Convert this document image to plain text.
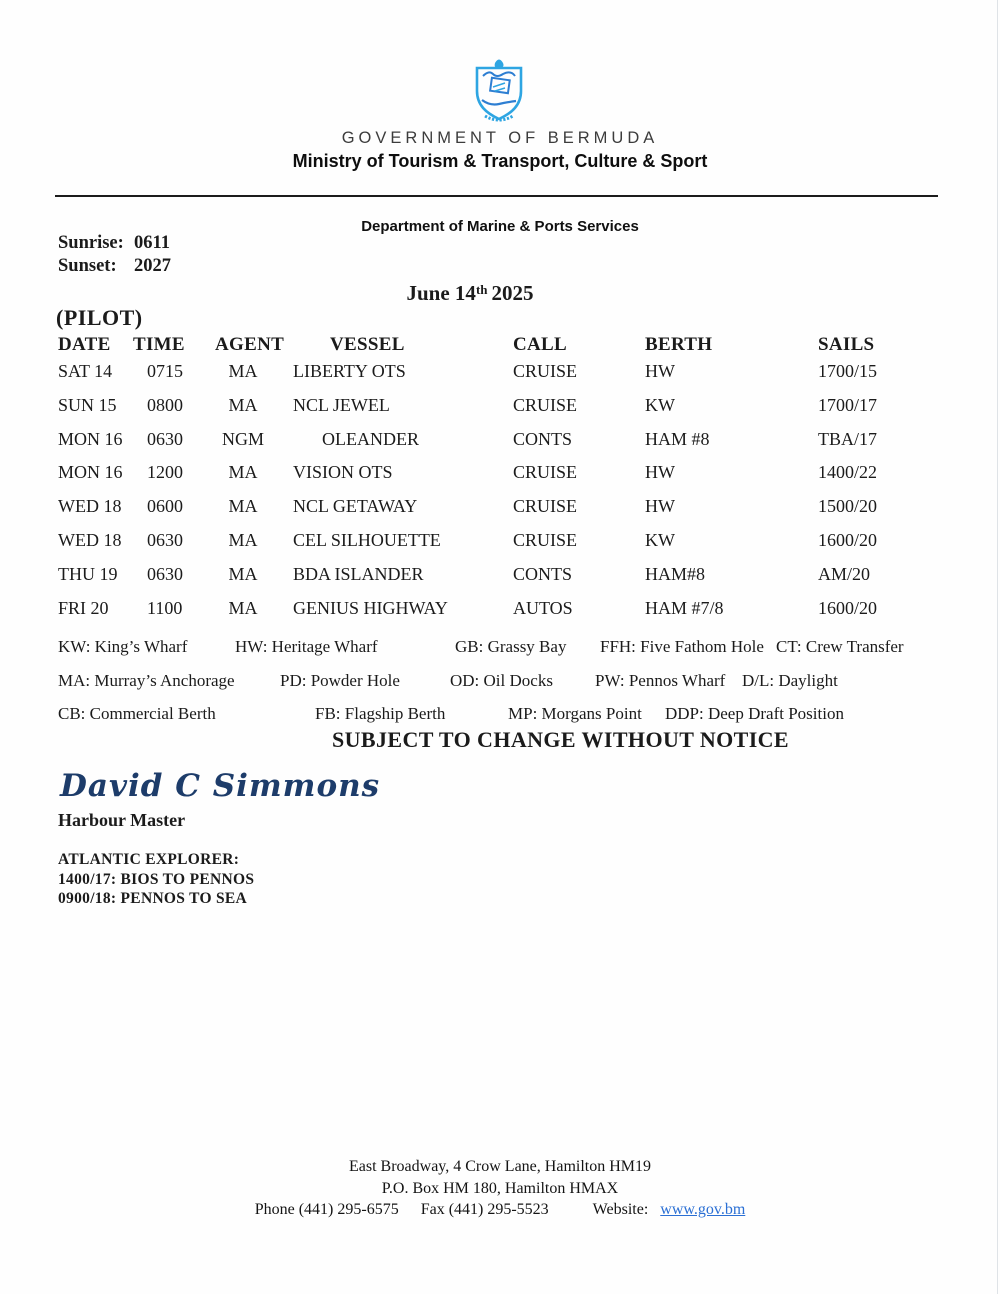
GOVERNMENT OF BERMUDA
Ministry of Tourism & Transport, Culture & Sport
Department of Marine & Ports Services
Sunrise: 0611
Sunset: 2027
June 14th 2025
(PILOT)
DATE	TIME	AGENT	VESSEL	CALL	BERTH	SAILS
SAT 14	0715	MA	LIBERTY OTS	CRUISE	HW	1700/15
SUN 15	0800	MA	NCL JEWEL	CRUISE	KW	1700/17
MON 16	0630	NGM	OLEANDER	CONTS	HAM #8	TBA/17
MON 16	1200	MA	VISION OTS	CRUISE	HW	1400/22
WED 18	0600	MA	NCL GETAWAY	CRUISE	HW	1500/20
WED 18	0630	MA	CEL SILHOUETTE	CRUISE	KW	1600/20
THU 19	0630	MA	BDA ISLANDER	CONTS	HAM#8	AM/20
FRI 20	1100	MA	GENIUS HIGHWAY	AUTOS	HAM #7/8	1600/20
KW: King’s Wharf	HW: Heritage Wharf	GB: Grassy Bay FFH: Five Fathom Hole CT: Crew Transfer
MA: Murray’s Anchorage	PD: Powder Hole	OD: Oil Docks PW: Pennos Wharf D/L: Daylight
CB: Commercial Berth	FB: Flagship Berth	MP: Morgans Point DDP: Deep Draft Position
SUBJECT TO CHANGE WITHOUT NOTICE
David C Simmons
Harbour Master
ATLANTIC EXPLORER:
1400/17: BIOS TO PENNOS
0900/18: PENNOS TO SEA
East Broadway, 4 Crow Lane, Hamilton HM19
P.O. Box HM 180, Hamilton HMAX
Phone (441) 295-6575 Fax (441) 295-5523	Website: www.gov.bm
